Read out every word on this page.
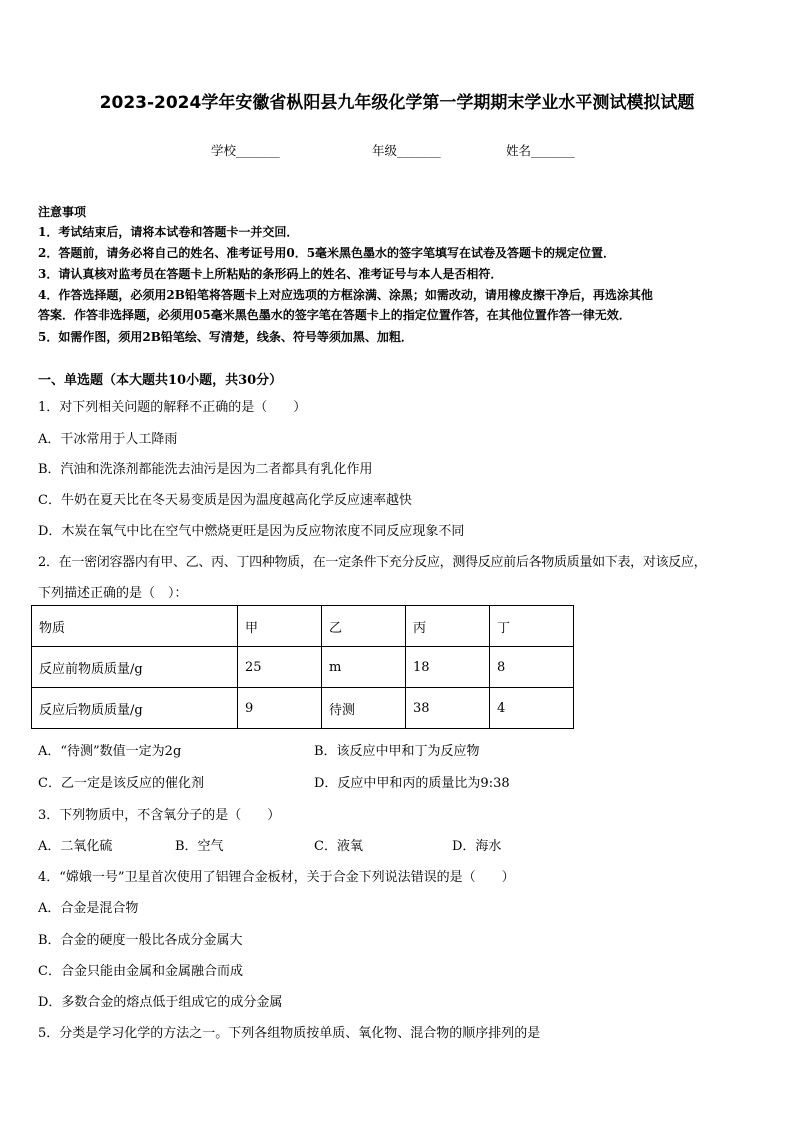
2023-2024学年安徽省枞阳县九年级化学第一学期期末学业水平测试模拟试题
学校_______	年级_______	姓名_______
注意事项
1．考试结束后，请将本试卷和答题卡一并交回．
2．答题前，请务必将自己的姓名、准考证号用0．5毫米黑色墨水的签字笔填写在试卷及答题卡的规定位置．
3．请认真核对监考员在答题卡上所粘贴的条形码上的姓名、准考证号与本人是否相符．
4．作答选择题，必须用2B铅笔将答题卡上对应选项的方框涂满、涂黑；如需改动，请用橡皮擦干净后，再选涂其他
答案．作答非选择题，必须用05毫米黑色墨水的签字笔在答题卡上的指定位置作答，在其他位置作答一律无效．
5．如需作图，须用2B铅笔绘、写清楚，线条、符号等须加黑、加粗．
一、单选题（本大题共10小题，共30分）
1．对下列相关问题的解释不正确的是（　　）
A．干冰常用于人工降雨
B．汽油和洗涤剂都能洗去油污是因为二者都具有乳化作用
C．牛奶在夏天比在冬天易变质是因为温度越高化学反应速率越快
D．木炭在氧气中比在空气中燃烧更旺是因为反应物浓度不同反应现象不同
2．在一密闭容器内有甲、乙、丙、丁四种物质，在一定条件下充分反应，测得反应前后各物质质量如下表，对该反应，
下列描述正确的是（　）：
物质	甲	乙	丙	丁
反应前物质质量/g	25	m	18	8
反应后物质质量/g	9	待测	38	4
A．“待测”数值一定为2g	B．该反应中甲和丁为反应物
C．乙一定是该反应的催化剂	D．反应中甲和丙的质量比为9:38
3．下列物质中，不含氧分子的是（　　）
A．二氧化硫	B．空气	C．液氧	D．海水
4．“嫦娥一号”卫星首次使用了铝锂合金板材，关于合金下列说法错误的是（　　）
A．合金是混合物
B．合金的硬度一般比各成分金属大
C．合金只能由金属和金属融合而成
D．多数合金的熔点低于组成它的成分金属
5．分类是学习化学的方法之一。下列各组物质按单质、氧化物、混合物的顺序排列的是
